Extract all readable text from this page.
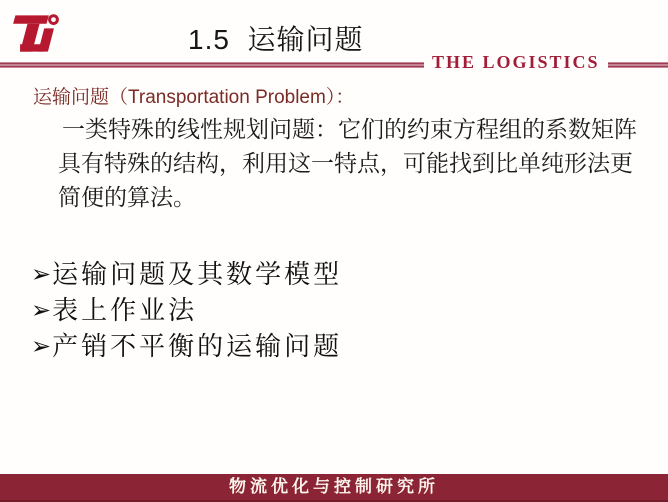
1.5  运输问题
THE LOGISTICS
运输问题（Transportation Problem）：
一类特殊的线性规划问题：它们的约束方程组的系数矩阵具有特殊的结构，利用这一特点，可能找到比单纯形法更简便的算法。
➢运输问题及其数学模型
➢表上作业法
➢产销不平衡的运输问题
物流优化与控制研究所
